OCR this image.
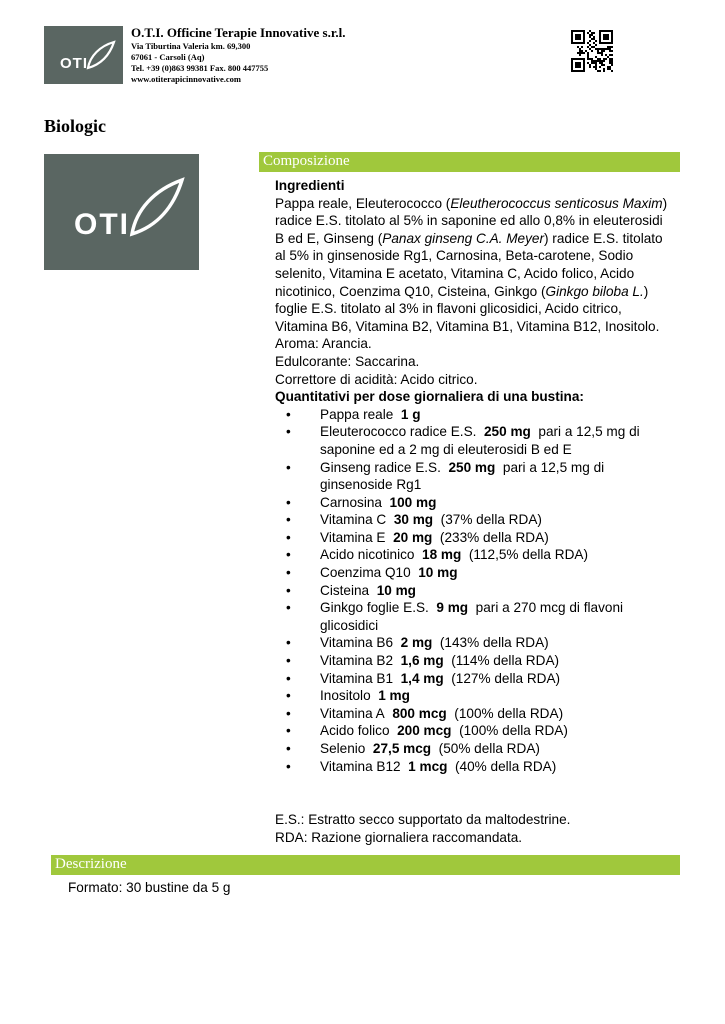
OTI
O.T.I. Officine Terapie Innovative s.r.l.
Via Tiburtina Valeria km. 69,300
67061 - Carsoli (Aq)
Tel. +39 (0)863 99381 Fax. 800 447755
www.otiterapicinnovative.com
Biologic
OTI
Composizione

Ingredienti

Pappa reale, Eleuterococco (Eleutherococcus senticosus Maxim) radice E.S. titolato al 5% in saponine ed allo 0,8% in eleuterosidi B ed E, Ginseng (Panax ginseng C.A. Meyer) radice E.S. titolato al 5% in ginsenoside Rg1, Carnosina, Beta-carotene, Sodio selenito, Vitamina E acetato, Vitamina C, Acido folico, Acido nicotinico, Coenzima Q10, Cisteina, Ginkgo (Ginkgo biloba L.) foglie E.S. titolato al 3% in flavoni glicosidici, Acido citrico, Vitamina B6, Vitamina B2, Vitamina B1, Vitamina B12, Inositolo.

Aroma: Arancia.

Edulcorante: Saccarina.

Correttore di acidità: Acido citrico.

Quantitativi per dose giornaliera di una bustina:

• Pappa reale 1 g
• Eleuterococco radice E.S. 250 mg pari a 12,5 mg di saponine ed a 2 mg di eleuterosidi B ed E
• Ginseng radice E.S. 250 mg pari a 12,5 mg di ginsenoside Rg1
• Carnosina 100 mg
• Vitamina C 30 mg (37% della RDA)
• Vitamina E 20 mg (233% della RDA)
• Acido nicotinico 18 mg (112,5% della RDA)
• Coenzima Q10 10 mg
• Cisteina 10 mg
• Ginkgo foglie E.S. 9 mg pari a 270 mcg di flavoni glicosidici
• Vitamina B6 2 mg (143% della RDA)
• Vitamina B2 1,6 mg (114% della RDA)
• Vitamina B1 1,4 mg (127% della RDA)
• Inositolo 1 mg
• Vitamina A 800 mcg (100% della RDA)
• Acido folico 200 mcg (100% della RDA)
• Selenio 27,5 mcg (50% della RDA)
• Vitamina B12 1 mcg (40% della RDA)

E.S.: Estratto secco supportato da maltodestrine.

RDA: Razione giornaliera raccomandata.

Descrizione
Formato: 30 bustine da 5 g
